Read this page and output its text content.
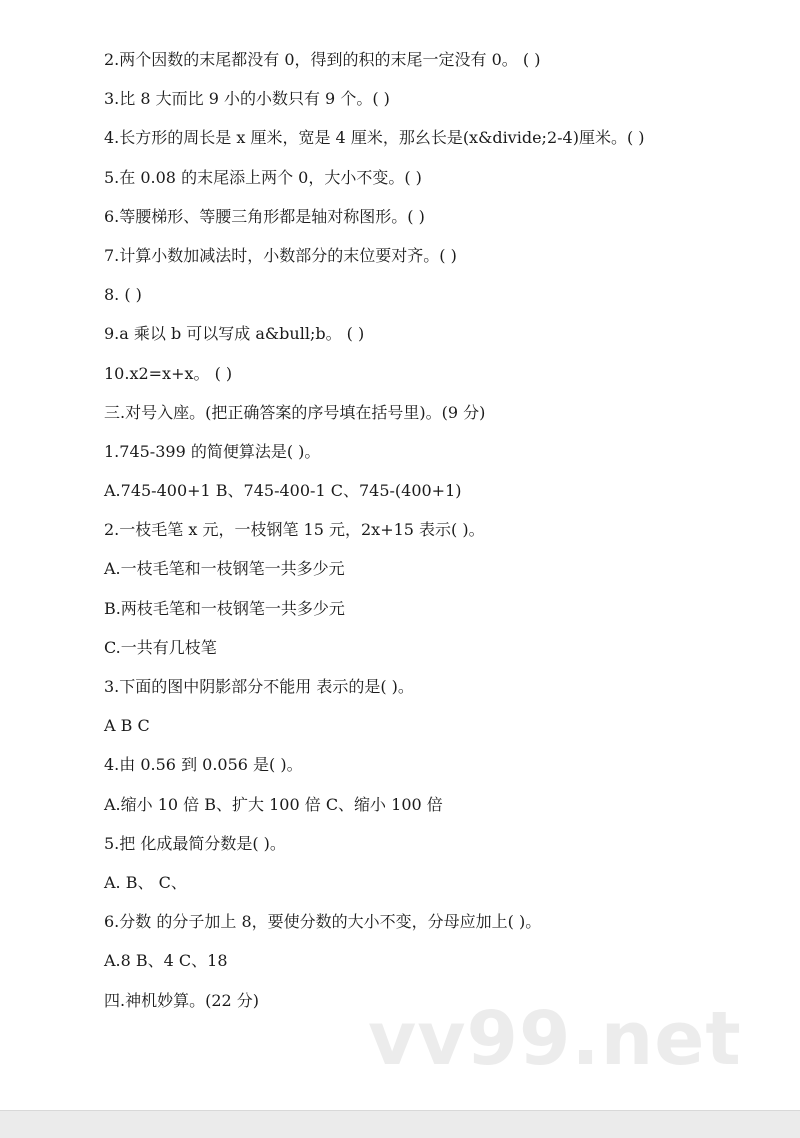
2.两个因数的末尾都没有 0，得到的积的末尾一定没有 0。 ( )
3.比 8 大而比 9 小的小数只有 9 个。( )
4.长方形的周长是 x 厘米，宽是 4 厘米，那幺长是(x&divide;2-4)厘米。( )
5.在 0.08 的末尾添上两个 0，大小不变。( )
6.等腰梯形、等腰三角形都是轴对称图形。( )
7.计算小数加减法时，小数部分的末位要对齐。( )
8. ( )
9.a 乘以 b 可以写成 a&bull;b。 ( )
10.x2=x+x。 ( )
三.对号入座。(把正确答案的序号填在括号里)。(9 分)
1.745-399 的简便算法是( )。
A.745-400+1 B、745-400-1 C、745-(400+1)
2.一枝毛笔 x 元，一枝钢笔 15 元，2x+15 表示( )。
A.一枝毛笔和一枝钢笔一共多少元
B.两枝毛笔和一枝钢笔一共多少元
C.一共有几枝笔
3.下面的图中阴影部分不能用 表示的是( )。
A B C
4.由 0.56 到 0.056 是( )。
A.缩小 10 倍 B、扩大 100 倍 C、缩小 100 倍
5.把 化成最简分数是( )。
A. B、 C、
6.分数 的分子加上 8，要使分数的大小不变，分母应加上( )。
A.8 B、4 C、18
四.神机妙算。(22 分)	vv99.net
